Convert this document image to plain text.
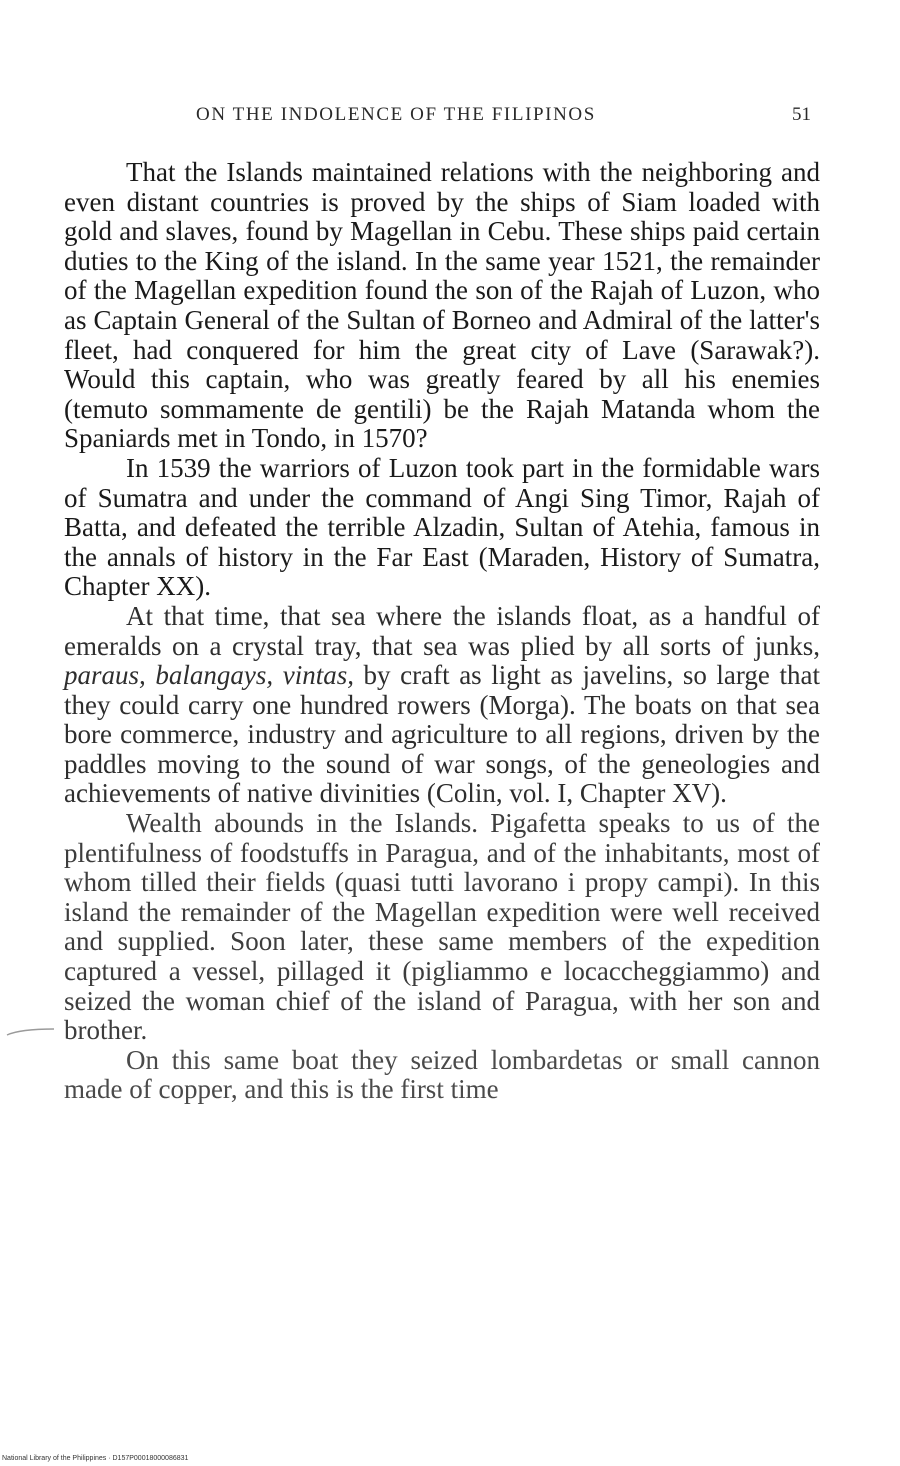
ON THE INDOLENCE OF THE FILIPINOS	51

That the Islands maintained relations with the neighboring and even distant countries is proved by the ships of Siam loaded with gold and slaves, found by Magellan in Cebu. These ships paid certain duties to the King of the island. In the same year 1521, the remainder of the Magellan expedition found the son of the Rajah of Luzon, who as Captain General of the Sultan of Borneo and Admiral of the latter's fleet, had conquered for him the great city of Lave (Sarawak?). Would this captain, who was greatly feared by all his enemies (temuto sommamente de gentili) be the Rajah Matanda whom the Spaniards met in Tondo, in 1570?

In 1539 the warriors of Luzon took part in the formidable wars of Sumatra and under the command of Angi Sing Timor, Rajah of Batta, and defeated the terrible Alzadin, Sultan of Atehia, famous in the annals of history in the Far East (Maraden, History of Sumatra, Chapter XX).

At that time, that sea where the islands float, as a handful of emeralds on a crystal tray, that sea was plied by all sorts of junks, paraus, balangays, vintas, by craft as light as javelins, so large that they could carry one hundred rowers (Morga). The boats on that sea bore commerce, industry and agriculture to all regions, driven by the paddles moving to the sound of war songs, of the geneologies and achievements of native divinities (Colin, vol. I, Chapter XV).

Wealth abounds in the Islands. Pigafetta speaks to us of the plentifulness of foodstuffs in Paragua, and of the inhabitants, most of whom tilled their fields (quasi tutti lavorano i propy campi). In this island the remainder of the Magellan expedition were well received and supplied. Soon later, these same members of the expedition captured a vessel, pillaged it (pigliammo e locaccheggiammo) and seized the woman chief of the island of Paragua, with her son and brother.

On this same boat they seized lombardetas or small cannon made of copper, and this is the first time

National Library of the Philippines · D157P00018000086831
